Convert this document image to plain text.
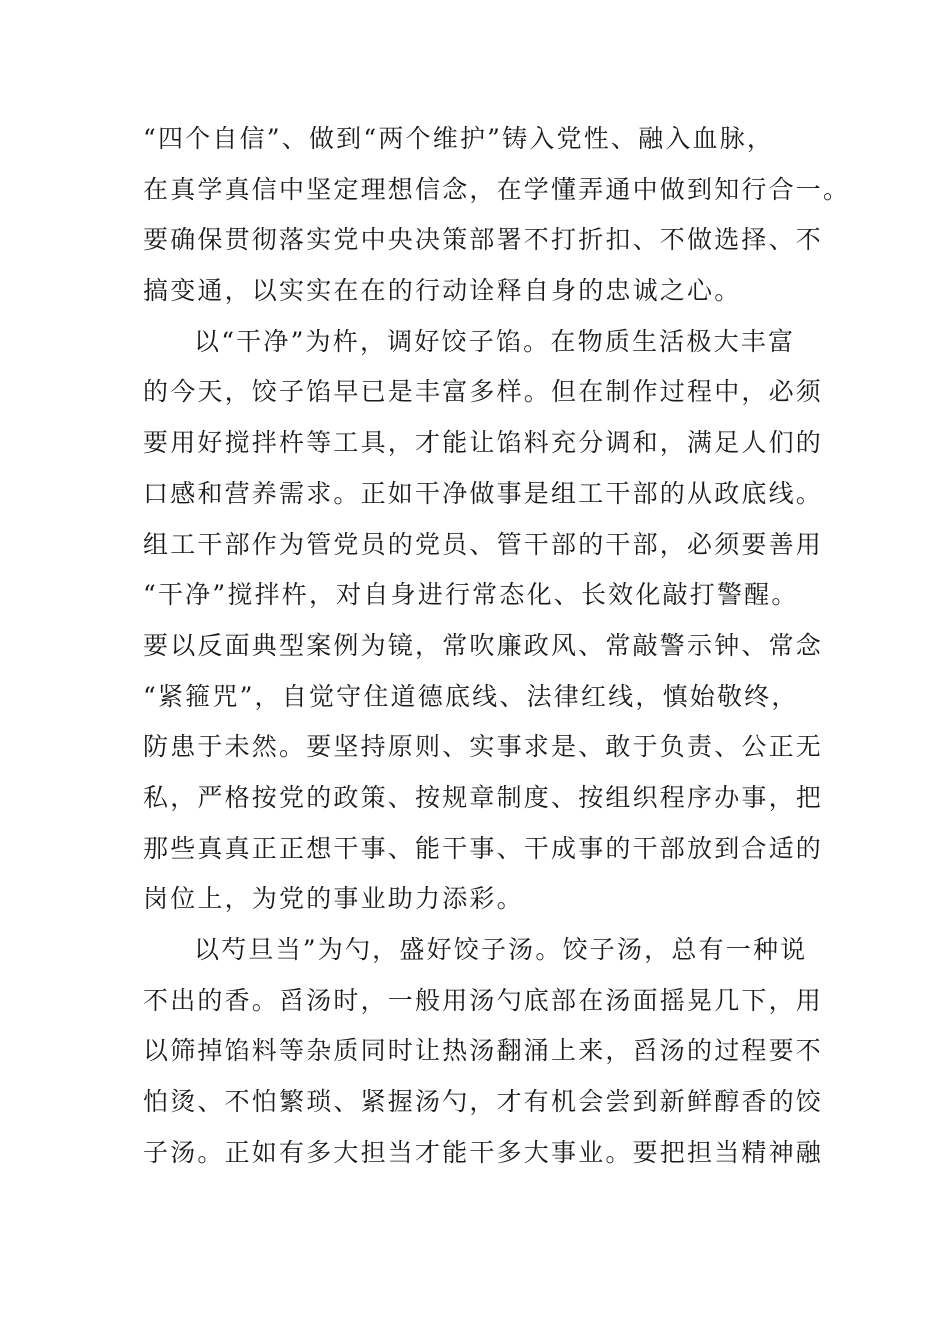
“四个自信”、做到“两个维护”铸入党性、融入血脉，
在真学真信中坚定理想信念，在学懂弄通中做到知行合一。
要确保贯彻落实党中央决策部署不打折扣、不做选择、不
搞变通，以实实在在的行动诠释自身的忠诚之心。
以“干净”为杵，调好饺子馅。在物质生活极大丰富
的今天，饺子馅早已是丰富多样。但在制作过程中，必须
要用好搅拌杵等工具，才能让馅料充分调和，满足人们的
口感和营养需求。正如干净做事是组工干部的从政底线。
组工干部作为管党员的党员、管干部的干部，必须要善用
“干净”搅拌杵，对自身进行常态化、长效化敲打警醒。
要以反面典型案例为镜，常吹廉政风、常敲警示钟、常念
“紧箍咒”，自觉守住道德底线、法律红线，慎始敬终，
防患于未然。要坚持原则、实事求是、敢于负责、公正无
私，严格按党的政策、按规章制度、按组织程序办事，把
那些真真正正想干事、能干事、干成事的干部放到合适的
岗位上，为党的事业助力添彩。
以芍旦当”为勺，盛好饺子汤。饺子汤，总有一种说
不出的香。舀汤时，一般用汤勺底部在汤面摇晃几下，用
以筛掉馅料等杂质同时让热汤翻涌上来，舀汤的过程要不
怕烫、不怕繁琐、紧握汤勺，才有机会尝到新鲜醇香的饺
子汤。正如有多大担当才能干多大事业。要把担当精神融
